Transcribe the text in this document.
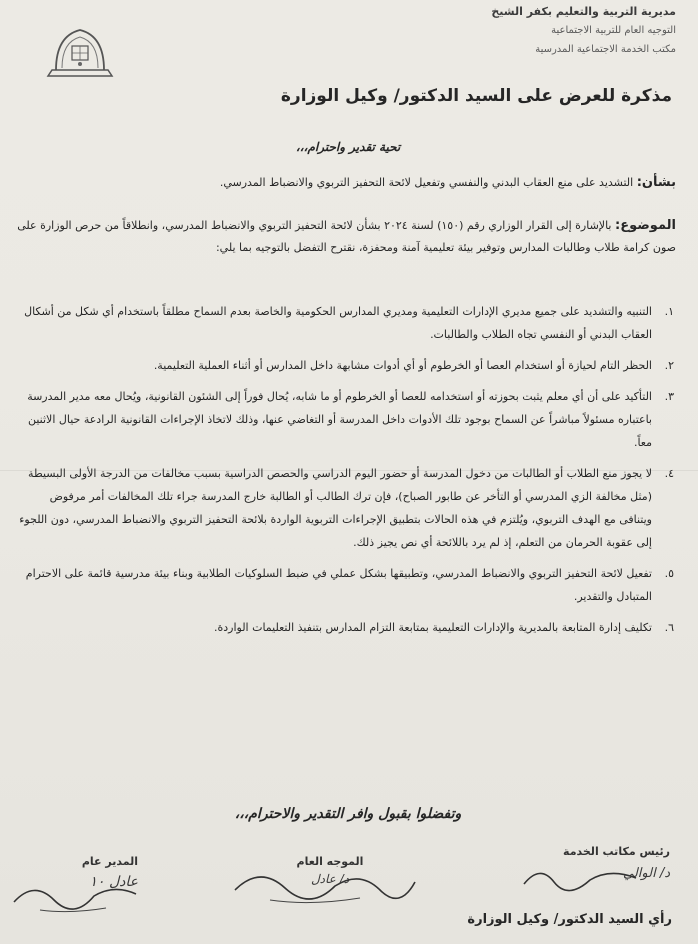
مديرية التربية والتعليم بكفر الشيخ
التوجيه العام للتربية الاجتماعية
مكتب الخدمة الاجتماعية المدرسية
مذكرة للعرض على السيد الدكتور/ وكيل الوزارة
تحية تقدير واحترام،،،
بشأن: التشديد على منع العقاب البدني والنفسي وتفعيل لائحة التحفيز التربوي والانضباط المدرسي.
الموضوع: بالإشارة إلى القرار الوزاري رقم (١٥٠) لسنة ٢٠٢٤ بشأن لائحة التحفيز التربوي والانضباط المدرسي، وانطلاقاً من حرص الوزارة على صون كرامة طلاب وطالبات المدارس وتوفير بيئة تعليمية آمنة ومحفزة، نقترح التفضل بالتوجيه بما يلي:
١.
التنبيه والتشديد على جميع مديري الإدارات التعليمية ومديري المدارس الحكومية والخاصة بعدم السماح مطلقاً باستخدام أي شكل من أشكال العقاب البدني أو النفسي تجاه الطلاب والطالبات.
٢.
الحظر التام لحيازة أو استخدام العصا أو الخرطوم أو أي أدوات مشابهة داخل المدارس أو أثناء العملية التعليمية.
٣.
التأكيد على أن أي معلم يثبت بحوزته أو استخدامه للعصا أو الخرطوم أو ما شابه، يُحال فوراً إلى الشئون القانونية، ويُحال معه مدير المدرسة باعتباره مسئولاً مباشراً عن السماح بوجود تلك الأدوات داخل المدرسة أو التغاضي عنها، وذلك لاتخاذ الإجراءات القانونية الرادعة حيال الاثنين معاً.
٤.
لا يجوز منع الطلاب أو الطالبات من دخول المدرسة أو حضور اليوم الدراسي والحصص الدراسية بسبب مخالفات من الدرجة الأولى البسيطة (مثل مخالفة الزي المدرسي أو التأخر عن طابور الصباح)، فإن ترك الطالب أو الطالبة خارج المدرسة جراء تلك المخالفات أمر مرفوض ويتنافى مع الهدف التربوي، ويُلتزم في هذه الحالات بتطبيق الإجراءات التربوية الواردة بلائحة التحفيز التربوي والانضباط المدرسي، دون اللجوء إلى عقوبة الحرمان من التعلم، إذ لم يرد باللائحة أي نص يجيز ذلك.
٥.
تفعيل لائحة التحفيز التربوي والانضباط المدرسي، وتطبيقها بشكل عملي في ضبط السلوكيات الطلابية وبناء بيئة مدرسية قائمة على الاحترام المتبادل والتقدير.
٦.
تكليف إدارة المتابعة بالمديرية والإدارات التعليمية بمتابعة التزام المدارس بتنفيذ التعليمات الواردة.
وتفضلوا بقبول وافر التقدير والاحترام،،،
رئيس مكاتب الخدمة
د/ الوالي
الموجه العام
د/ عادل
المدير عام
عادل ١٠
رأي السيد الدكتور/ وكيل الوزارة
